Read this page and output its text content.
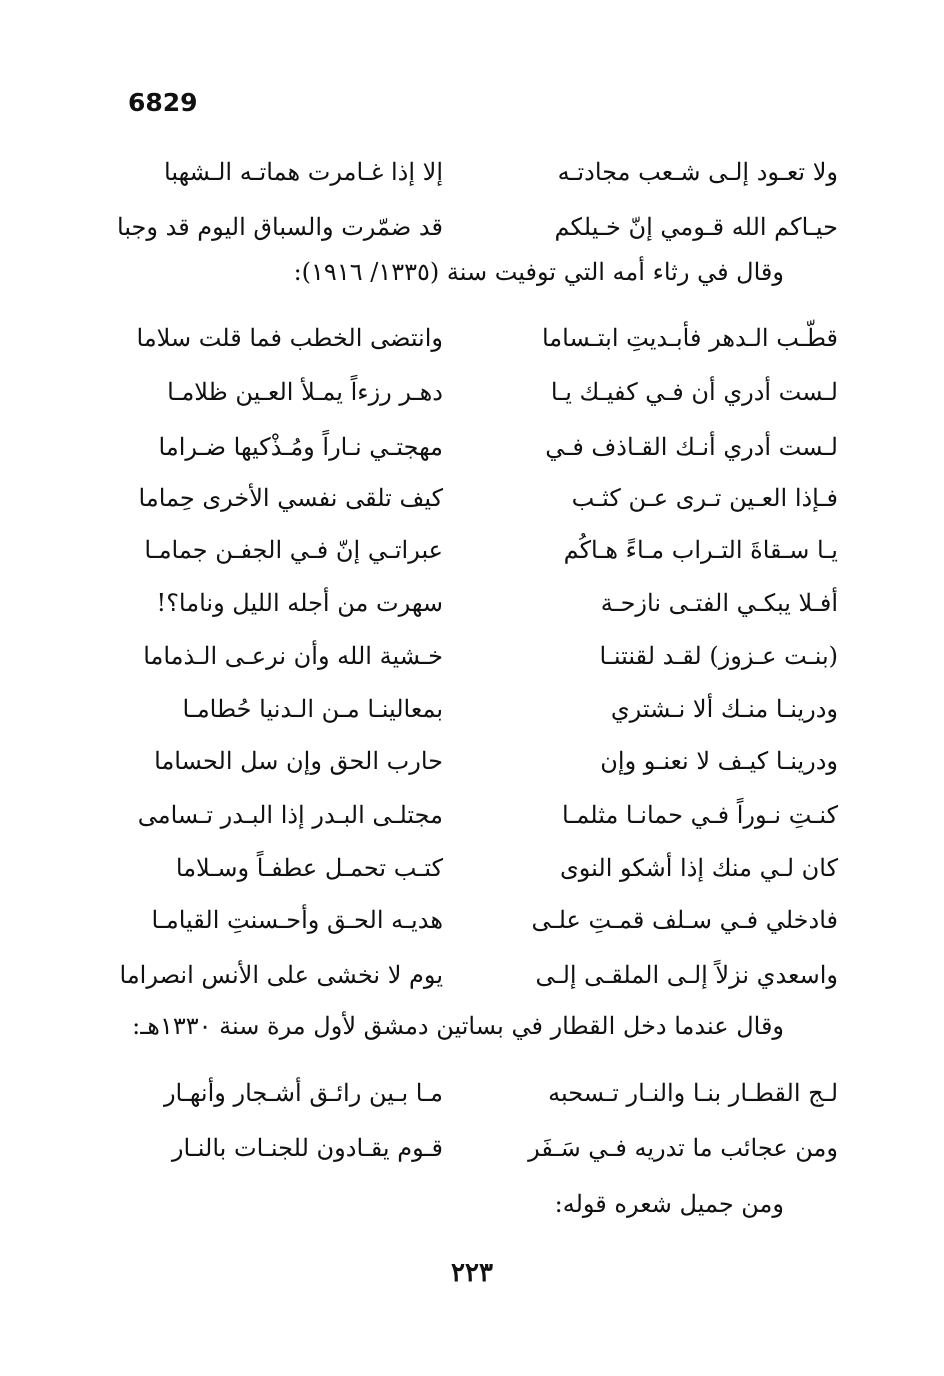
6829
ولا تعـود إلـى شـعب مجادتـه
إلا إذا غـامرت هماتـه الـشهبا
حيـاكم الله قـومي إنّ خـيلكم
قد ضمّرت والسباق اليوم قد وجبا
وقال في رثاء أمه التي توفيت سنة (١٣٣٥/ ١٩١٦):
قطّـب الـدهر فأبـديتِ ابتـساما
وانتضى الخطب فما قلت سلاما
لـست أدري أن فـي كفيـك يـا
دهـر رزءاً يمـلأ العـين ظلامـا
لـست أدري أنـك القـاذف فـي
مهجتـي نـاراً ومُـذْكيها ضـراما
فـإذا العـين تـرى عـن كثـب
كيف تلقى نفسي الأخرى حِماما
يـا سـقاةَ التـراب مـاءً هـاكُم
عبراتـي إنّ فـي الجفـن جمامـا
أفـلا يبكـي الفتـى نازحـة
سهرت من أجله الليل وناما؟!
(بنـت عـزوز) لقـد لقنتنـا
خـشية الله وأن نرعـى الـذماما
ودرينـا منـك ألا نـشتري
بمعالينـا مـن الـدنيا حُطامـا
ودرينـا كيـف لا نعنـو وإن
حارب الحق وإن سل الحساما
كنـتِ نـوراً فـي حمانـا مثلمـا
مجتلـى البـدر إذا البـدر تـسامى
كان لـي منك إذا أشكو النوى
كتـب تحمـل عطفـاً وسـلاما
فادخلي فـي سـلف قمـتِ علـى
هديـه الحـق وأحـسنتِ القيامـا
واسعدي نزلاً إلـى الملقـى إلـى
يوم لا نخشى على الأنس انصراما
وقال عندما دخل القطار في بساتين دمشق لأول مرة سنة ١٣٣٠هـ:
لـج القطـار بنـا والنـار تـسحبه
مـا بـين رائـق أشـجار وأنهـار
ومن عجائب ما تدريه فـي سَـفَر
قـوم يقـادون للجنـات بالنـار
ومن جميل شعره قوله:
٢٢٣
